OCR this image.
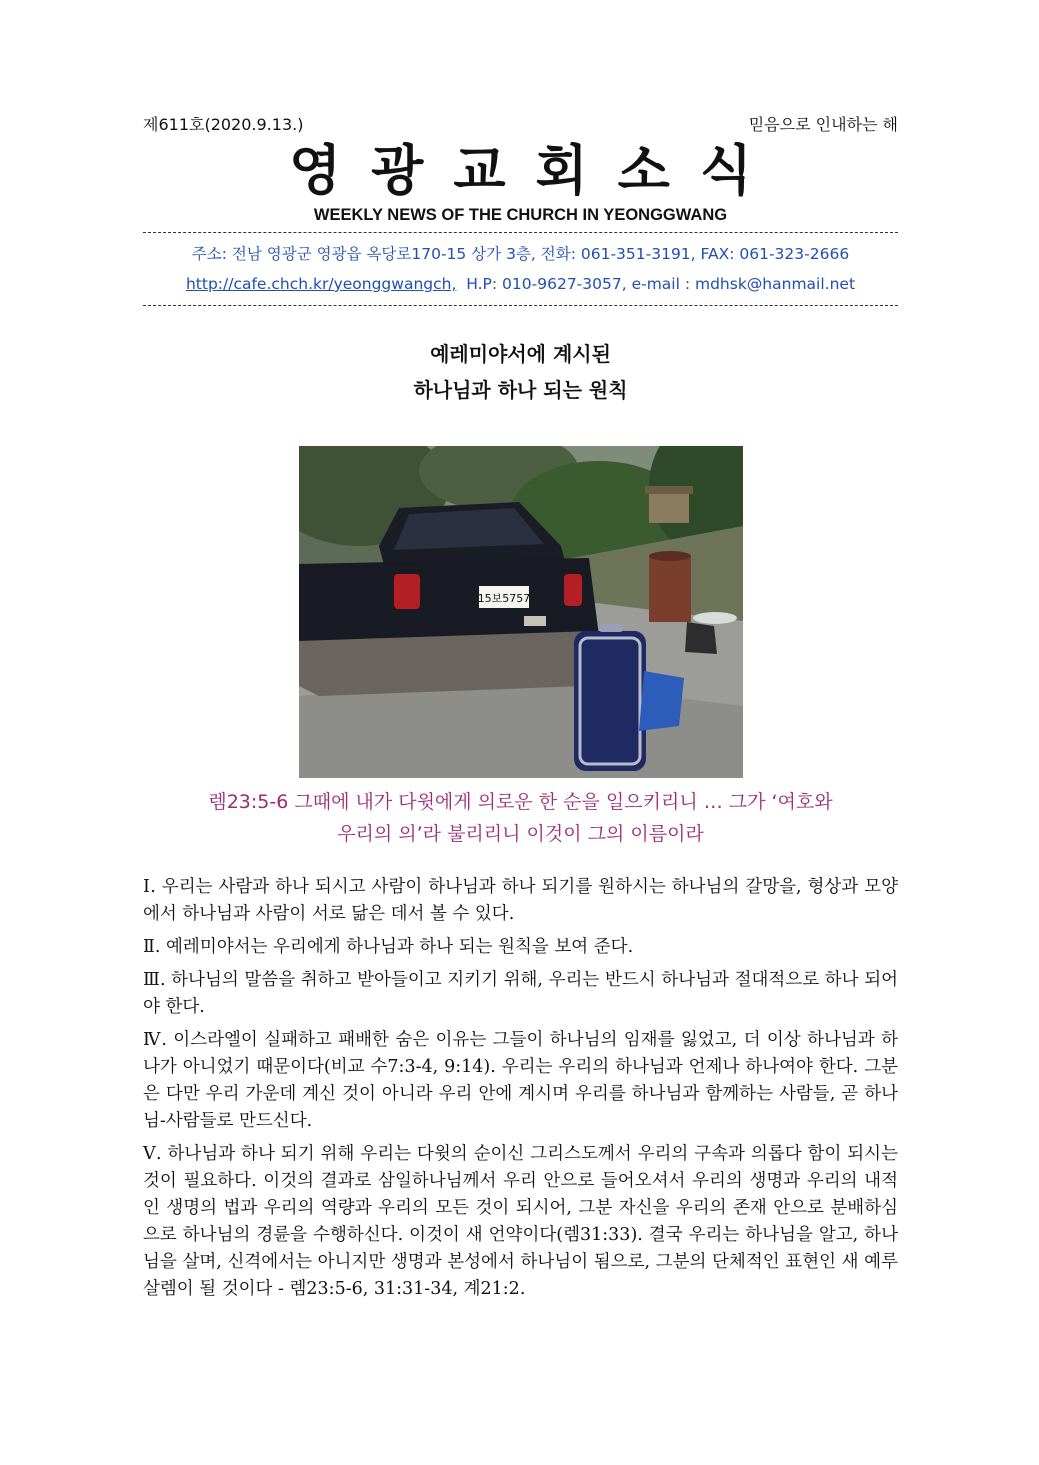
제611호(2020.9.13.)	믿음으로 인내하는 해
영광교회소식
WEEKLY NEWS OF THE CHURCH IN YEONGGWANG
주소: 전남 영광군 영광읍 옥당로170-15 상가 3층, 전화: 061-351-3191, FAX: 061-323-2666
http://cafe.chch.kr/yeonggwangch, H.P: 010-9627-3057, e-mail : mdhsk@hanmail.net
예레미야서에 계시된
하나님과 하나 되는 원칙
15보5757
렘23:5-6 그때에 내가 다윗에게 의로운 한 순을 일으키리니 … 그가 ‘여호와
우리의 의’라 불리리니 이것이 그의 이름이라

Ⅰ. 우리는 사람과 하나 되시고 사람이 하나님과 하나 되기를 원하시는 하나님의 갈망을, 형상과 모양에서 하나님과 사람이 서로 닮은 데서 볼 수 있다.

Ⅱ. 예레미야서는 우리에게 하나님과 하나 되는 원칙을 보여 준다.

Ⅲ. 하나님의 말씀을 취하고 받아들이고 지키기 위해, 우리는 반드시 하나님과 절대적으로 하나 되어야 한다.

Ⅳ. 이스라엘이 실패하고 패배한 숨은 이유는 그들이 하나님의 임재를 잃었고, 더 이상 하나님과 하나가 아니었기 때문이다(비교 수7:3-4, 9:14). 우리는 우리의 하나님과 언제나 하나여야 한다. 그분은 다만 우리 가운데 계신 것이 아니라 우리 안에 계시며 우리를 하나님과 함께하는 사람들, 곧 하나님-사람들로 만드신다.

Ⅴ. 하나님과 하나 되기 위해 우리는 다윗의 순이신 그리스도께서 우리의 구속과 의롭다 함이 되시는 것이 필요하다. 이것의 결과로 삼일하나님께서 우리 안으로 들어오셔서 우리의 생명과 우리의 내적인 생명의 법과 우리의 역량과 우리의 모든 것이 되시어, 그분 자신을 우리의 존재 안으로 분배하심으로 하나님의 경륜을 수행하신다. 이것이 새 언약이다(렘31:33). 결국 우리는 하나님을 알고, 하나님을 살며, 신격에서는 아니지만 생명과 본성에서 하나님이 됨으로, 그분의 단체적인 표현인 새 예루살렘이 될 것이다 - 렘23:5-6, 31:31-34, 계21:2.
